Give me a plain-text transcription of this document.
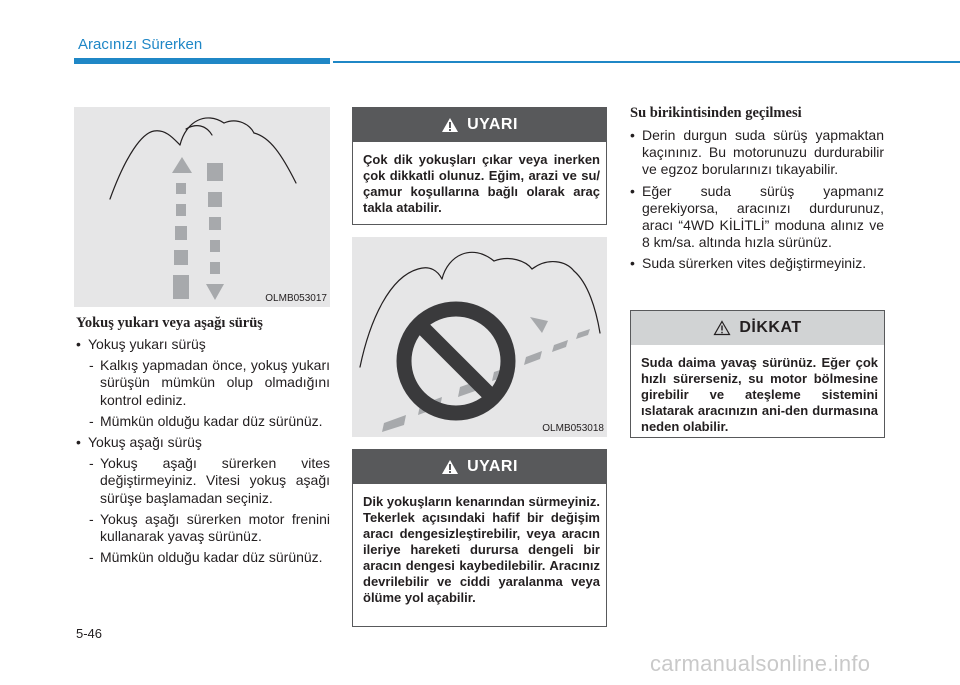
Aracınızı Sürerken
OLMB053017
Yokuş yukarı veya aşağı sürüş
• Yokuş yukarı sürüş
- Kalkış yapmadan önce, yokuş yukarı sürüşün mümkün olup olmadığını kontrol ediniz.
- Mümkün olduğu kadar düz sürünüz.
• Yokuş aşağı sürüş
- Yokuş aşağı sürerken vites değiştirmeyiniz. Vitesi yokuş aşağı sürüşe başlamadan seçiniz.
- Yokuş aşağı sürerken motor frenini kullanarak yavaş sürünüz.
- Mümkün olduğu kadar düz sürünüz.
UYARI
Çok dik yokuşları çıkar veya inerken çok dikkatli olunuz. Eğim, arazi ve su/çamur koşullarına bağlı olarak araç takla atabilir.
OLMB053018
UYARI
Dik yokuşların kenarından sürmeyiniz. Tekerlek açısındaki hafif bir değişim aracı dengesizleştirebilir, veya aracın ileriye hareketi durursa dengeli bir aracın dengesi kaybedilebilir. Aracınız devrilebilir ve ciddi yaralanma veya ölüme yol açabilir.
Su birikintisinden geçilmesi
• Derin durgun suda sürüş yapmaktan kaçınınız. Bu motorunuzu durdurabilir ve egzoz borularınızı tıkayabilir.
• Eğer suda sürüş yapmanız gerekiyorsa, aracınızı durdurunuz, aracı “4WD KİLİTLİ” moduna alınız ve 8 km/sa. altında hızla sürünüz.
• Suda sürerken vites değiştirmeyiniz.
DİKKAT
Suda daima yavaş sürünüz. Eğer çok hızlı sürerseniz, su motor bölmesine girebilir ve ateşleme sistemini ıslatarak aracınızın ani-den durmasına neden olabilir.
5-46
carmanualsonline.info
